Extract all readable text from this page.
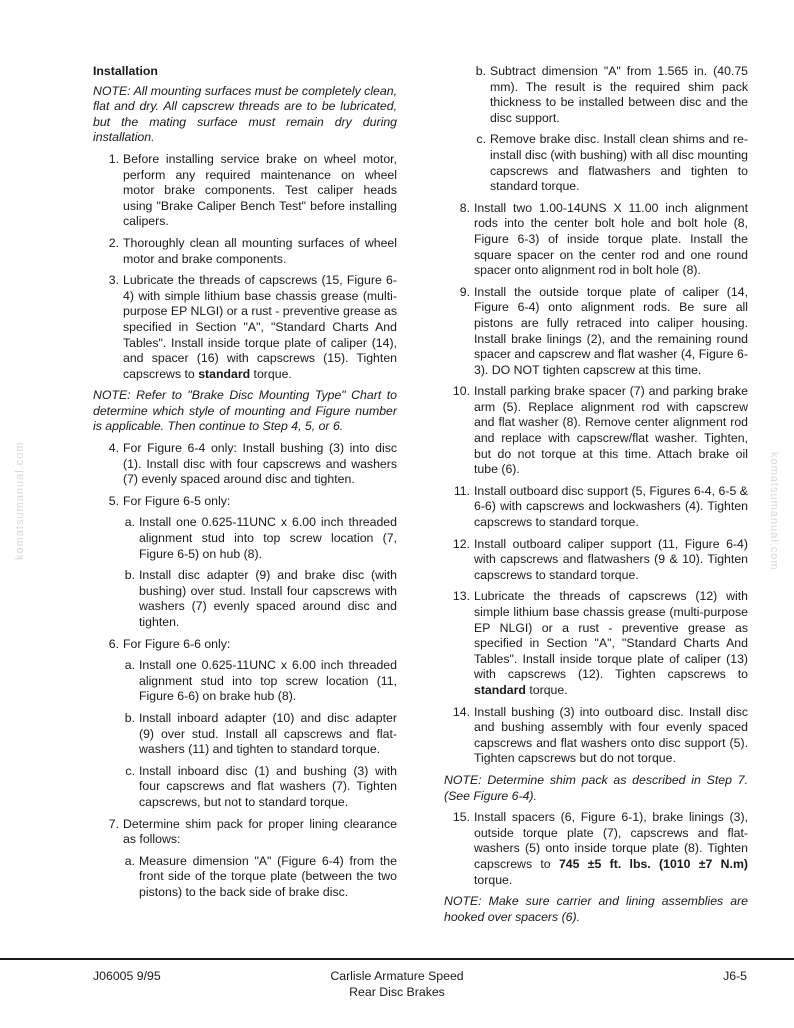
komatsumanual.com	komatsumanual.com

Installation

NOTE: All mounting surfaces must be completely clean, flat and dry. All capscrew threads are to be lubricated, but the mating surface must remain dry during installation.

1. Before installing service brake on wheel motor, perform any required maintenance on wheel motor brake components. Test caliper heads using "Brake Caliper Bench Test" before installing calipers.

2. Thoroughly clean all mounting surfaces of wheel motor and brake components.

3. Lubricate the threads of capscrews (15, Figure 6-4) with simple lithium base chassis grease (multi-purpose EP NLGI) or a rust - preventive grease as specified in Section "A", "Standard Charts And Tables". Install inside torque plate of caliper (14), and spacer (16) with capscrews (15). Tighten capscrews to standard torque.

NOTE: Refer to "Brake Disc Mounting Type" Chart to determine which style of mounting and Figure number is applicable. Then continue to Step 4, 5, or 6.

4. For Figure 6-4 only: Install bushing (3) into disc (1). Install disc with four capscrews and washers (7) evenly spaced around disc and tighten.

5. For Figure 6-5 only:

a. Install one 0.625-11UNC x 6.00 inch threaded alignment stud into top screw location (7, Figure 6-5) on hub (8).

b. Install disc adapter (9) and brake disc (with bushing) over stud. Install four capscrews with washers (7) evenly spaced around disc and tighten.

6. For Figure 6-6 only:

a. Install one 0.625-11UNC x 6.00 inch threaded alignment stud into top screw location (11, Figure 6-6) on brake hub (8).

b. Install inboard adapter (10) and disc adapter (9) over stud. Install all capscrews and flat-washers (11) and tighten to standard torque.

c. Install inboard disc (1) and bushing (3) with four capscrews and flat washers (7). Tighten capscrews, but not to standard torque.

7. Determine shim pack for proper lining clearance as follows:

a. Measure dimension "A" (Figure 6-4) from the front side of the torque plate (between the two pistons) to the back side of brake disc.

b. Subtract dimension "A" from 1.565 in. (40.75 mm). The result is the required shim pack thickness to be installed between disc and the disc support.

c. Remove brake disc. Install clean shims and re-install disc (with bushing) with all disc mounting capscrews and flatwashers and tighten to standard torque.

8. Install two 1.00-14UNS X 11.00 inch alignment rods into the center bolt hole and bolt hole (8, Figure 6-3) of inside torque plate. Install the square spacer on the center rod and one round spacer onto alignment rod in bolt hole (8).

9. Install the outside torque plate of caliper (14, Figure 6-4) onto alignment rods. Be sure all pistons are fully retraced into caliper housing. Install brake linings (2), and the remaining round spacer and capscrew and flat washer (4, Figure 6-3). DO NOT tighten capscrew at this time.

10. Install parking brake spacer (7) and parking brake arm (5). Replace alignment rod with capscrew and flat washer (8). Remove center alignment rod and replace with capscrew/flat washer. Tighten, but do not torque at this time. Attach brake oil tube (6).

11. Install outboard disc support (5, Figures 6-4, 6-5 & 6-6) with capscrews and lockwashers (4). Tighten capscrews to standard torque.

12. Install outboard caliper support (11, Figure 6-4) with capscrews and flatwashers (9 & 10). Tighten capscrews to standard torque.

13. Lubricate the threads of capscrews (12) with simple lithium base chassis grease (multi-purpose EP NLGI) or a rust - preventive grease as specified in Section "A", "Standard Charts And Tables". Install inside torque plate of caliper (13) with capscrews (12). Tighten capscrews to standard torque.

14. Install bushing (3) into outboard disc. Install disc and bushing assembly with four evenly spaced capscrews and flat washers onto disc support (5). Tighten capscrews but do not torque.

NOTE: Determine shim pack as described in Step 7. (See Figure 6-4).

15. Install spacers (6, Figure 6-1), brake linings (3), outside torque plate (7), capscrews and flat-washers (5) onto inside torque plate (8). Tighten capscrews to 745 ±5 ft. lbs. (1010 ±7 N.m) torque.

NOTE: Make sure carrier and lining assemblies are hooked over spacers (6).

J06005 9/95	Carlisle Armature Speed
Rear Disc Brakes
J6-5
